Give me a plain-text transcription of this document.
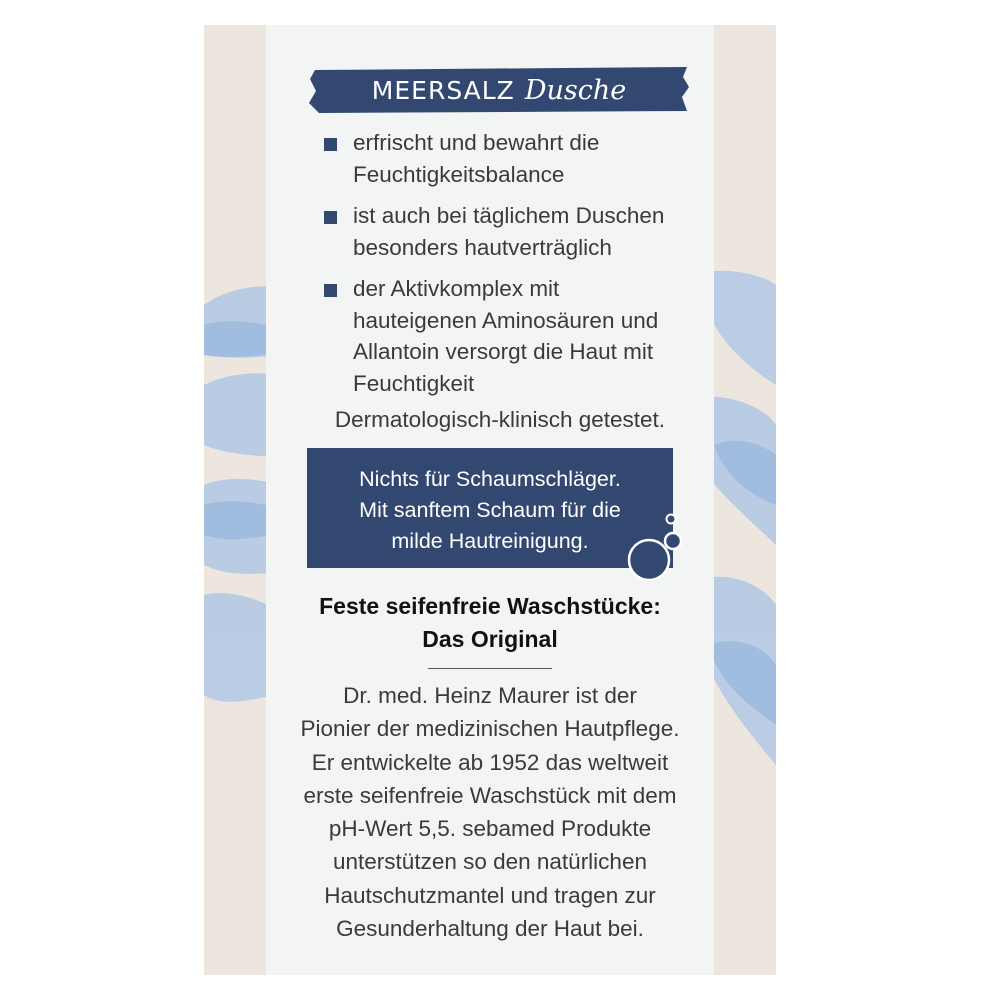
MEERSALZ Dusche
erfrischt und bewahrt die Feuchtigkeitsbalance
ist auch bei täglichem Duschen besonders hautverträglich
der Aktivkomplex mit hauteigenen Aminosäuren und Allantoin versorgt die Haut mit Feuchtigkeit
Dermatologisch-klinisch getestet.
Nichts für Schaumschläger.
Mit sanftem Schaum für die
milde Hautreinigung.
Feste seifenfreie Waschstücke:
Das Original
Dr. med. Heinz Maurer ist der
Pionier der medizinischen Hautpflege.
Er entwickelte ab 1952 das weltweit
erste seifenfreie Waschstück mit dem
pH-Wert 5,5. sebamed Produkte
unterstützen so den natürlichen
Hautschutzmantel und tragen zur
Gesunderhaltung der Haut bei.
